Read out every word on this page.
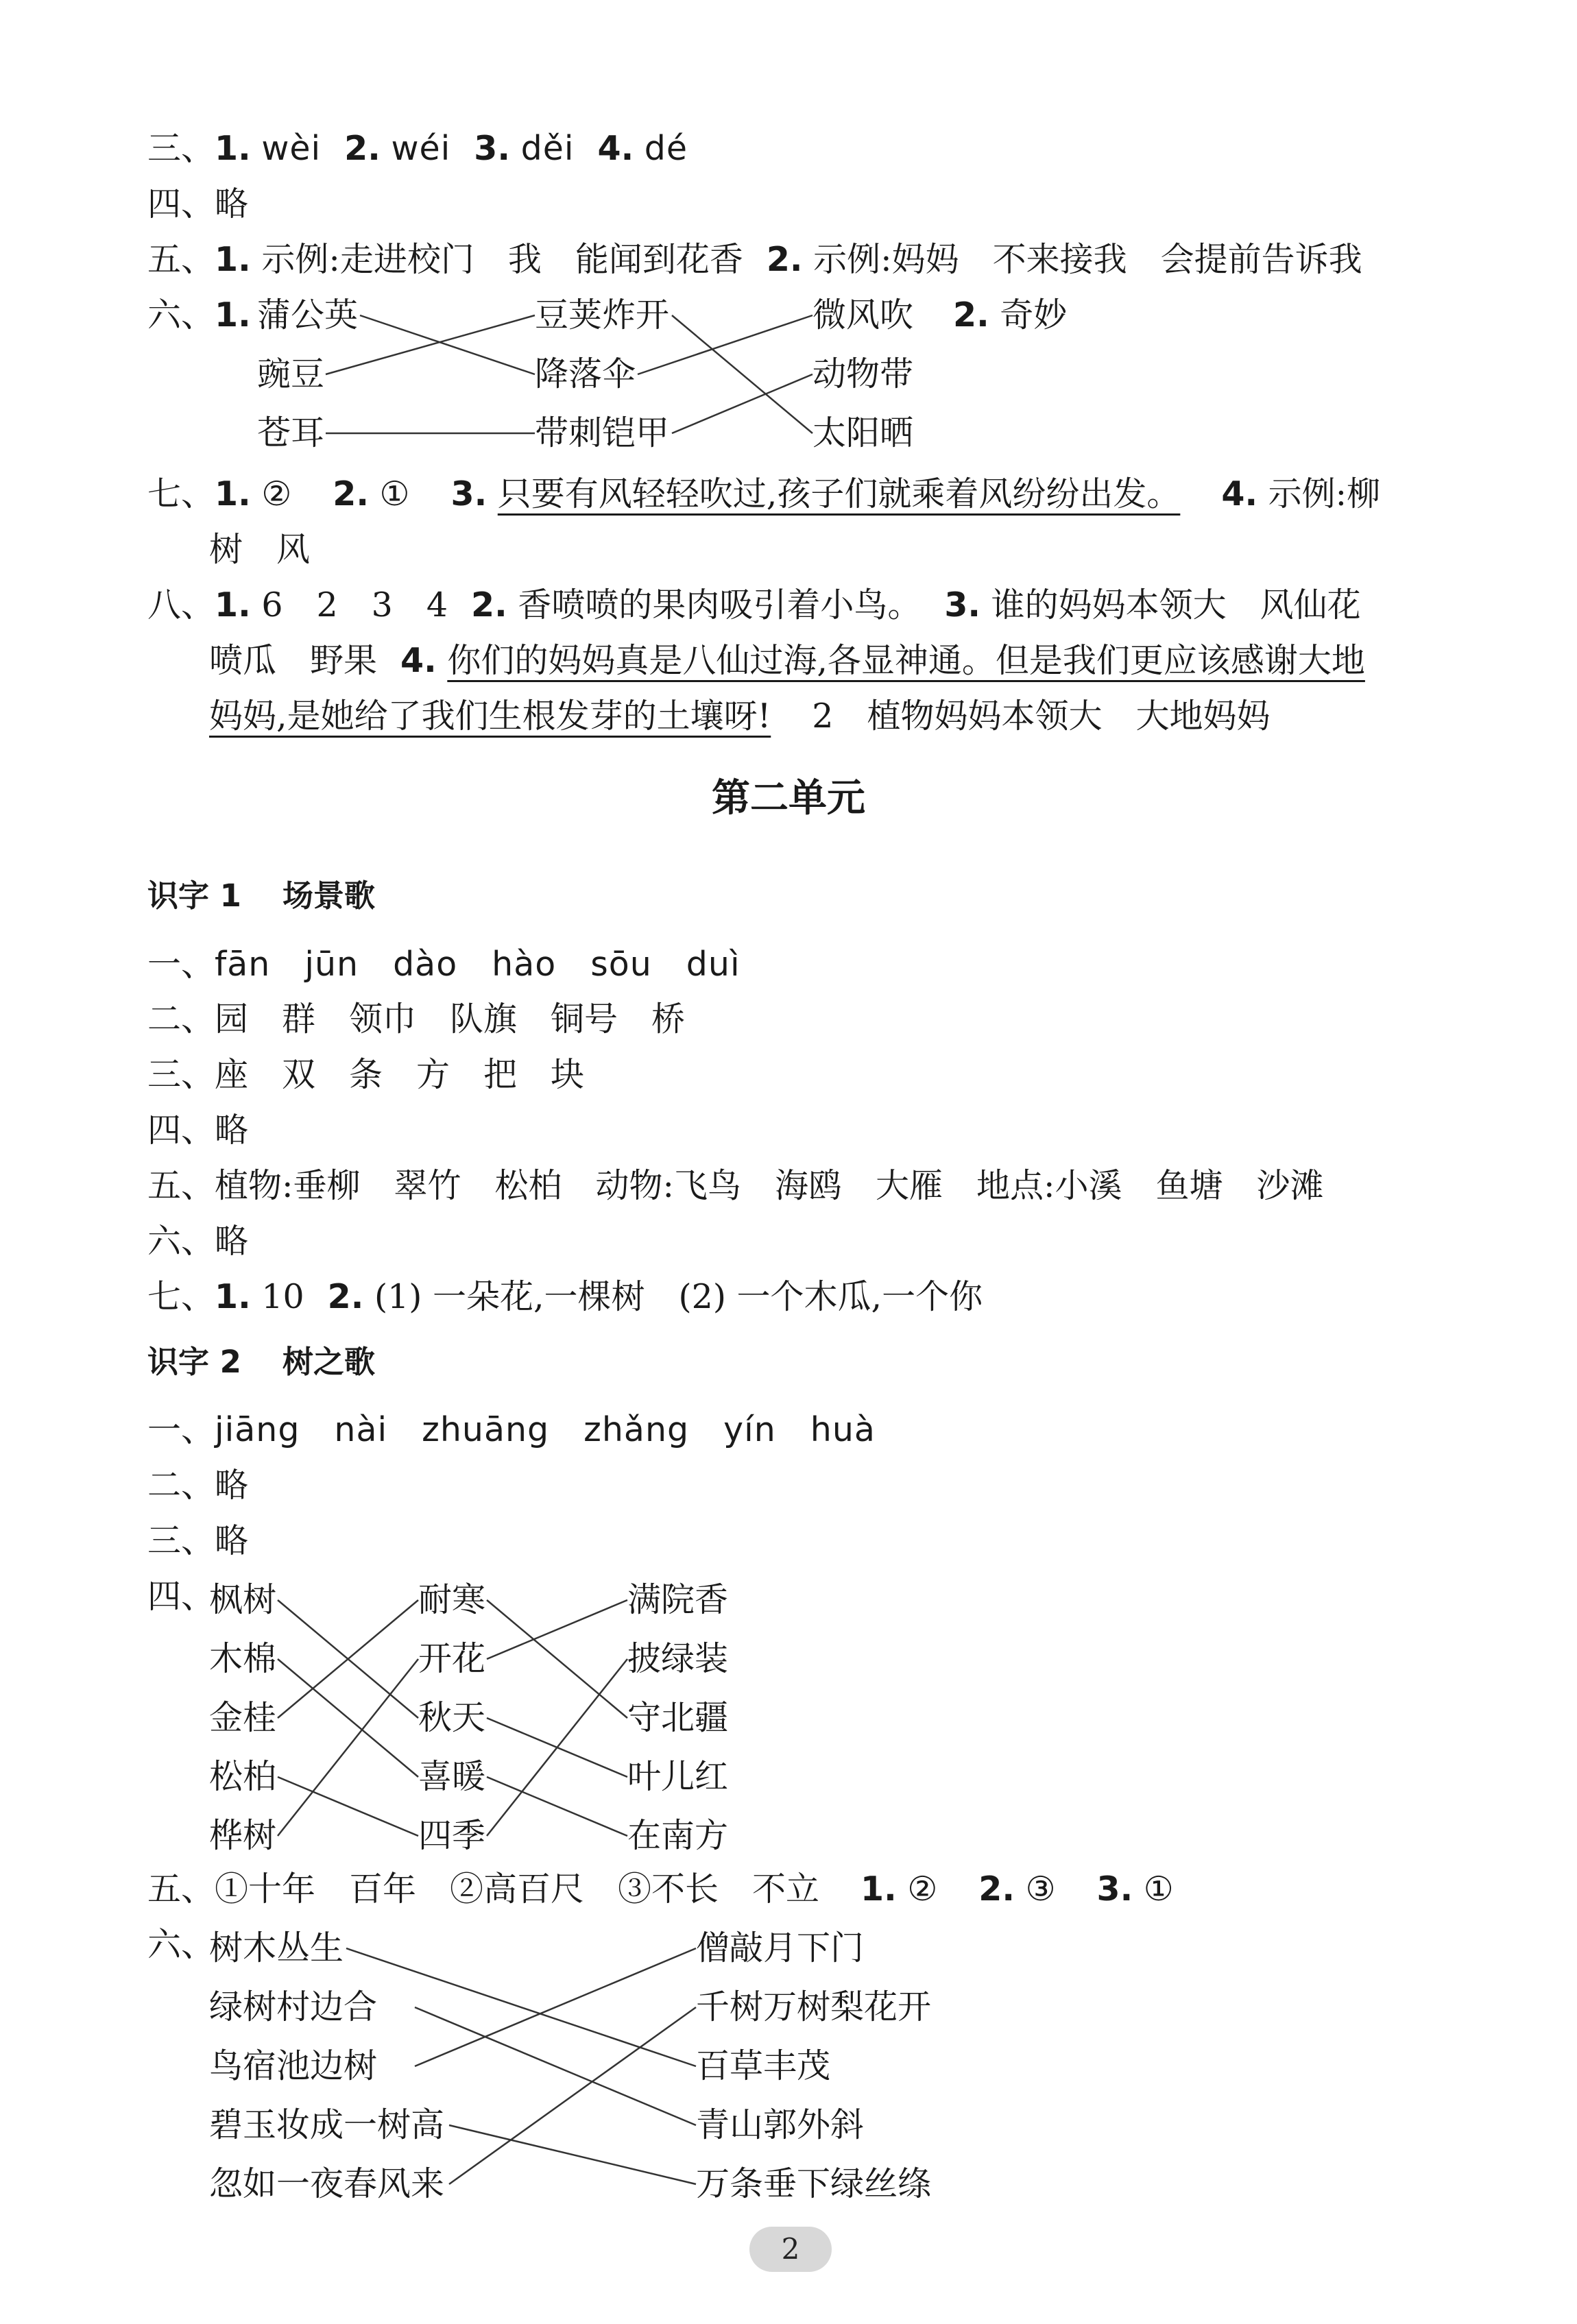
三、1. wèi 2. wéi 3. děi 4. dé
四、略
五、1. 示例:走进校门　我　能闻到花香 2. 示例:妈妈　不来接我　会提前告诉我
六、1. 蒲公英
豌豆
苍耳
豆荚炸开
降落伞
带刺铠甲
微风吹
动物带
太阳晒
2. 奇妙
七、1. ② 2. ① 3. 只要有风轻轻吹过,孩子们就乘着风纷纷出发。 4. 示例:柳
树　风
八、1. 6　2　3　4 2. 香喷喷的果肉吸引着小鸟。 3. 谁的妈妈本领大　风仙花
喷瓜　野果 4. 你们的妈妈真是八仙过海,各显神通。但是我们更应该感谢大地
妈妈,是她给了我们生根发芽的土壤呀! 2　植物妈妈本领大　大地妈妈
第二单元
识字 1 场景歌
一、fān　jūn　dào　hào　sōu　duì
二、园　群　领巾　队旗　铜号　桥
三、座　双　条　方　把　块
四、略
五、植物:垂柳　翠竹　松柏　动物:飞鸟　海鸥　大雁　地点:小溪　鱼塘　沙滩
六、略
七、1. 10 2. (1) 一朵花,一棵树　(2) 一个木瓜,一个你
识字 2 树之歌
一、jiāng　nài　zhuāng　zhǎng　yín　huà
二、略
三、略
四、
枫树
木棉
金桂
松柏
桦树
耐寒
开花
秋天
喜暖
四季
满院香
披绿装
守北疆
叶儿红
在南方
五、①十年　百年　②高百尺　③不长　不立 1. ② 2. ③ 3. ①
六、
树木丛生
绿树村边合
鸟宿池边树
碧玉妆成一树高
忽如一夜春风来
僧敲月下门
千树万树梨花开
百草丰茂
青山郭外斜
万条垂下绿丝绦
2
